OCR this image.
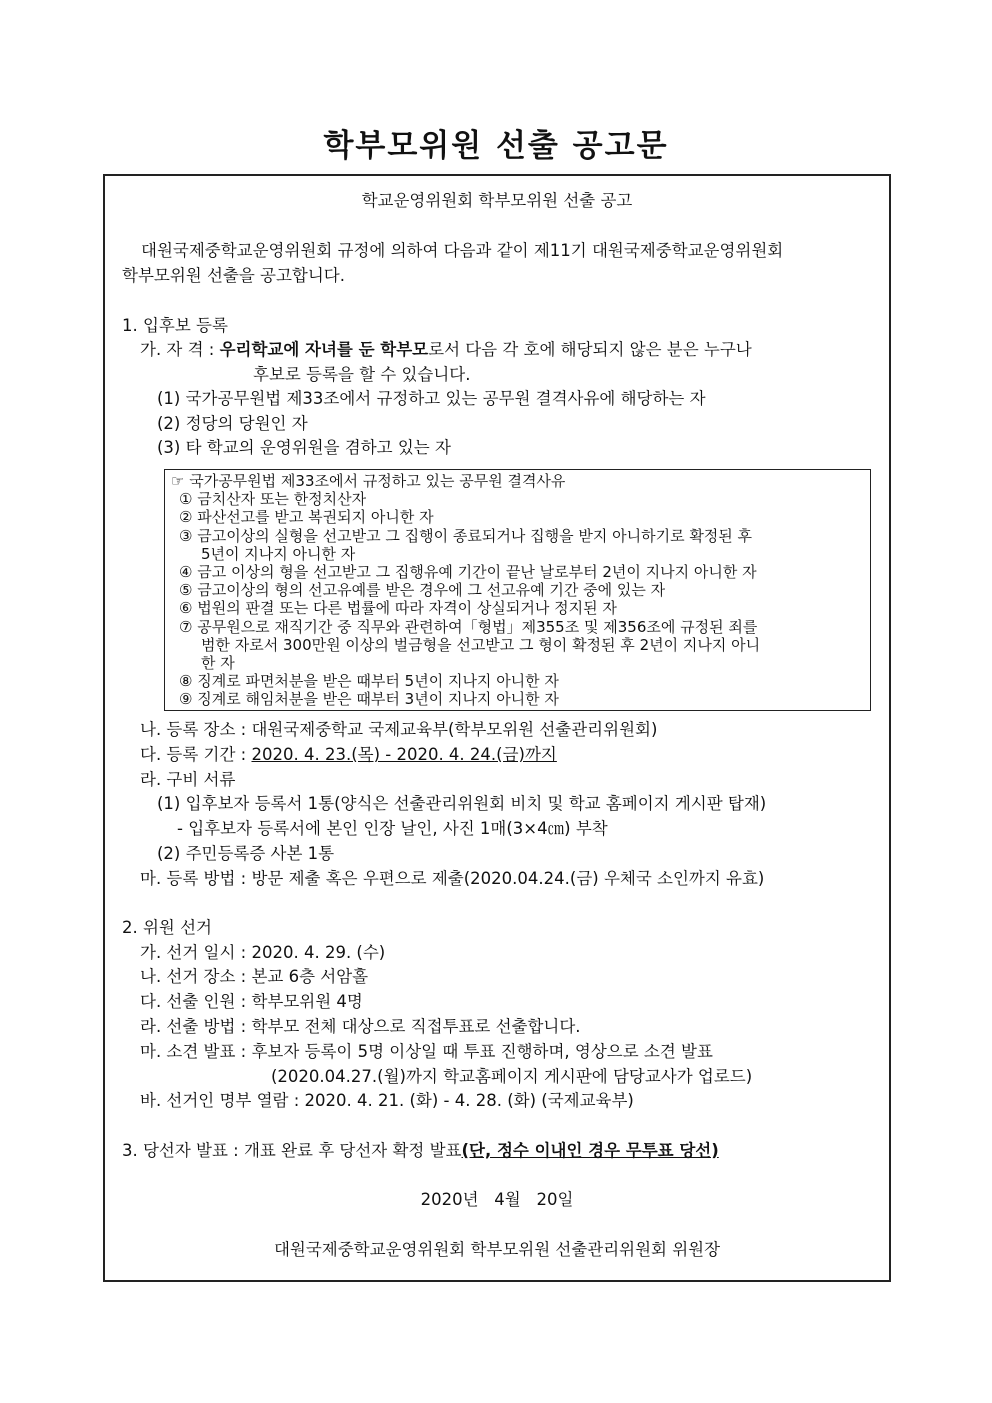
학부모위원 선출 공고문
학교운영위원회 학부모위원 선출 공고
대원국제중학교운영위원회 규정에 의하여 다음과 같이 제11기 대원국제중학교운영위원회
학부모위원 선출을 공고합니다.
1. 입후보 등록
가. 자 격 : 우리학교에 자녀를 둔 학부모로서 다음 각 호에 해당되지 않은 분은 누구나
후보로 등록을 할 수 있습니다.
(1) 국가공무원법 제33조에서 규정하고 있는 공무원 결격사유에 해당하는 자
(2) 정당의 당원인 자
(3) 타 학교의 운영위원을 겸하고 있는 자
☞ 국가공무원법 제33조에서 규정하고 있는 공무원 결격사유
① 금치산자 또는 한정치산자
② 파산선고를 받고 복권되지 아니한 자
③ 금고이상의 실형을 선고받고 그 집행이 종료되거나 집행을 받지 아니하기로 확정된 후
5년이 지나지 아니한 자
④ 금고 이상의 형을 선고받고 그 집행유예 기간이 끝난 날로부터 2년이 지나지 아니한 자
⑤ 금고이상의 형의 선고유예를 받은 경우에 그 선고유예 기간 중에 있는 자
⑥ 법원의 판결 또는 다른 법률에 따라 자격이 상실되거나 정지된 자
⑦ 공무원으로 재직기간 중 직무와 관련하여「형법」제355조 및 제356조에 규정된 죄를
범한 자로서 300만원 이상의 벌금형을 선고받고 그 형이 확정된 후 2년이 지나지 아니
한 자
⑧ 징계로 파면처분을 받은 때부터 5년이 지나지 아니한 자
⑨ 징계로 해임처분을 받은 때부터 3년이 지나지 아니한 자
나. 등록 장소 : 대원국제중학교 국제교육부(학부모위원 선출관리위원회)
다. 등록 기간 : 2020. 4. 23.(목) - 2020. 4. 24.(금)까지
라. 구비 서류
(1) 입후보자 등록서 1통(양식은 선출관리위원회 비치 및 학교 홈페이지 게시판 탑재)
- 입후보자 등록서에 본인 인장 날인, 사진 1매(3×4㎝) 부착
(2) 주민등록증 사본 1통
마. 등록 방법 : 방문 제출 혹은 우편으로 제출(2020.04.24.(금) 우체국 소인까지 유효)
2. 위원 선거
가. 선거 일시 : 2020. 4. 29. (수)
나. 선거 장소 : 본교 6층 서암홀
다. 선출 인원 : 학부모위원 4명
라. 선출 방법 : 학부모 전체 대상으로 직접투표로 선출합니다.
마. 소견 발표 : 후보자 등록이 5명 이상일 때 투표 진행하며, 영상으로 소견 발표
(2020.04.27.(월)까지 학교홈페이지 게시판에 담당교사가 업로드)
바. 선거인 명부 열람 : 2020. 4. 21. (화) - 4. 28. (화) (국제교육부)
3. 당선자 발표 : 개표 완료 후 당선자 확정 발표(단, 정수 이내인 경우 무투표 당선)
2020년   4월   20일
대원국제중학교운영위원회 학부모위원 선출관리위원회 위원장
